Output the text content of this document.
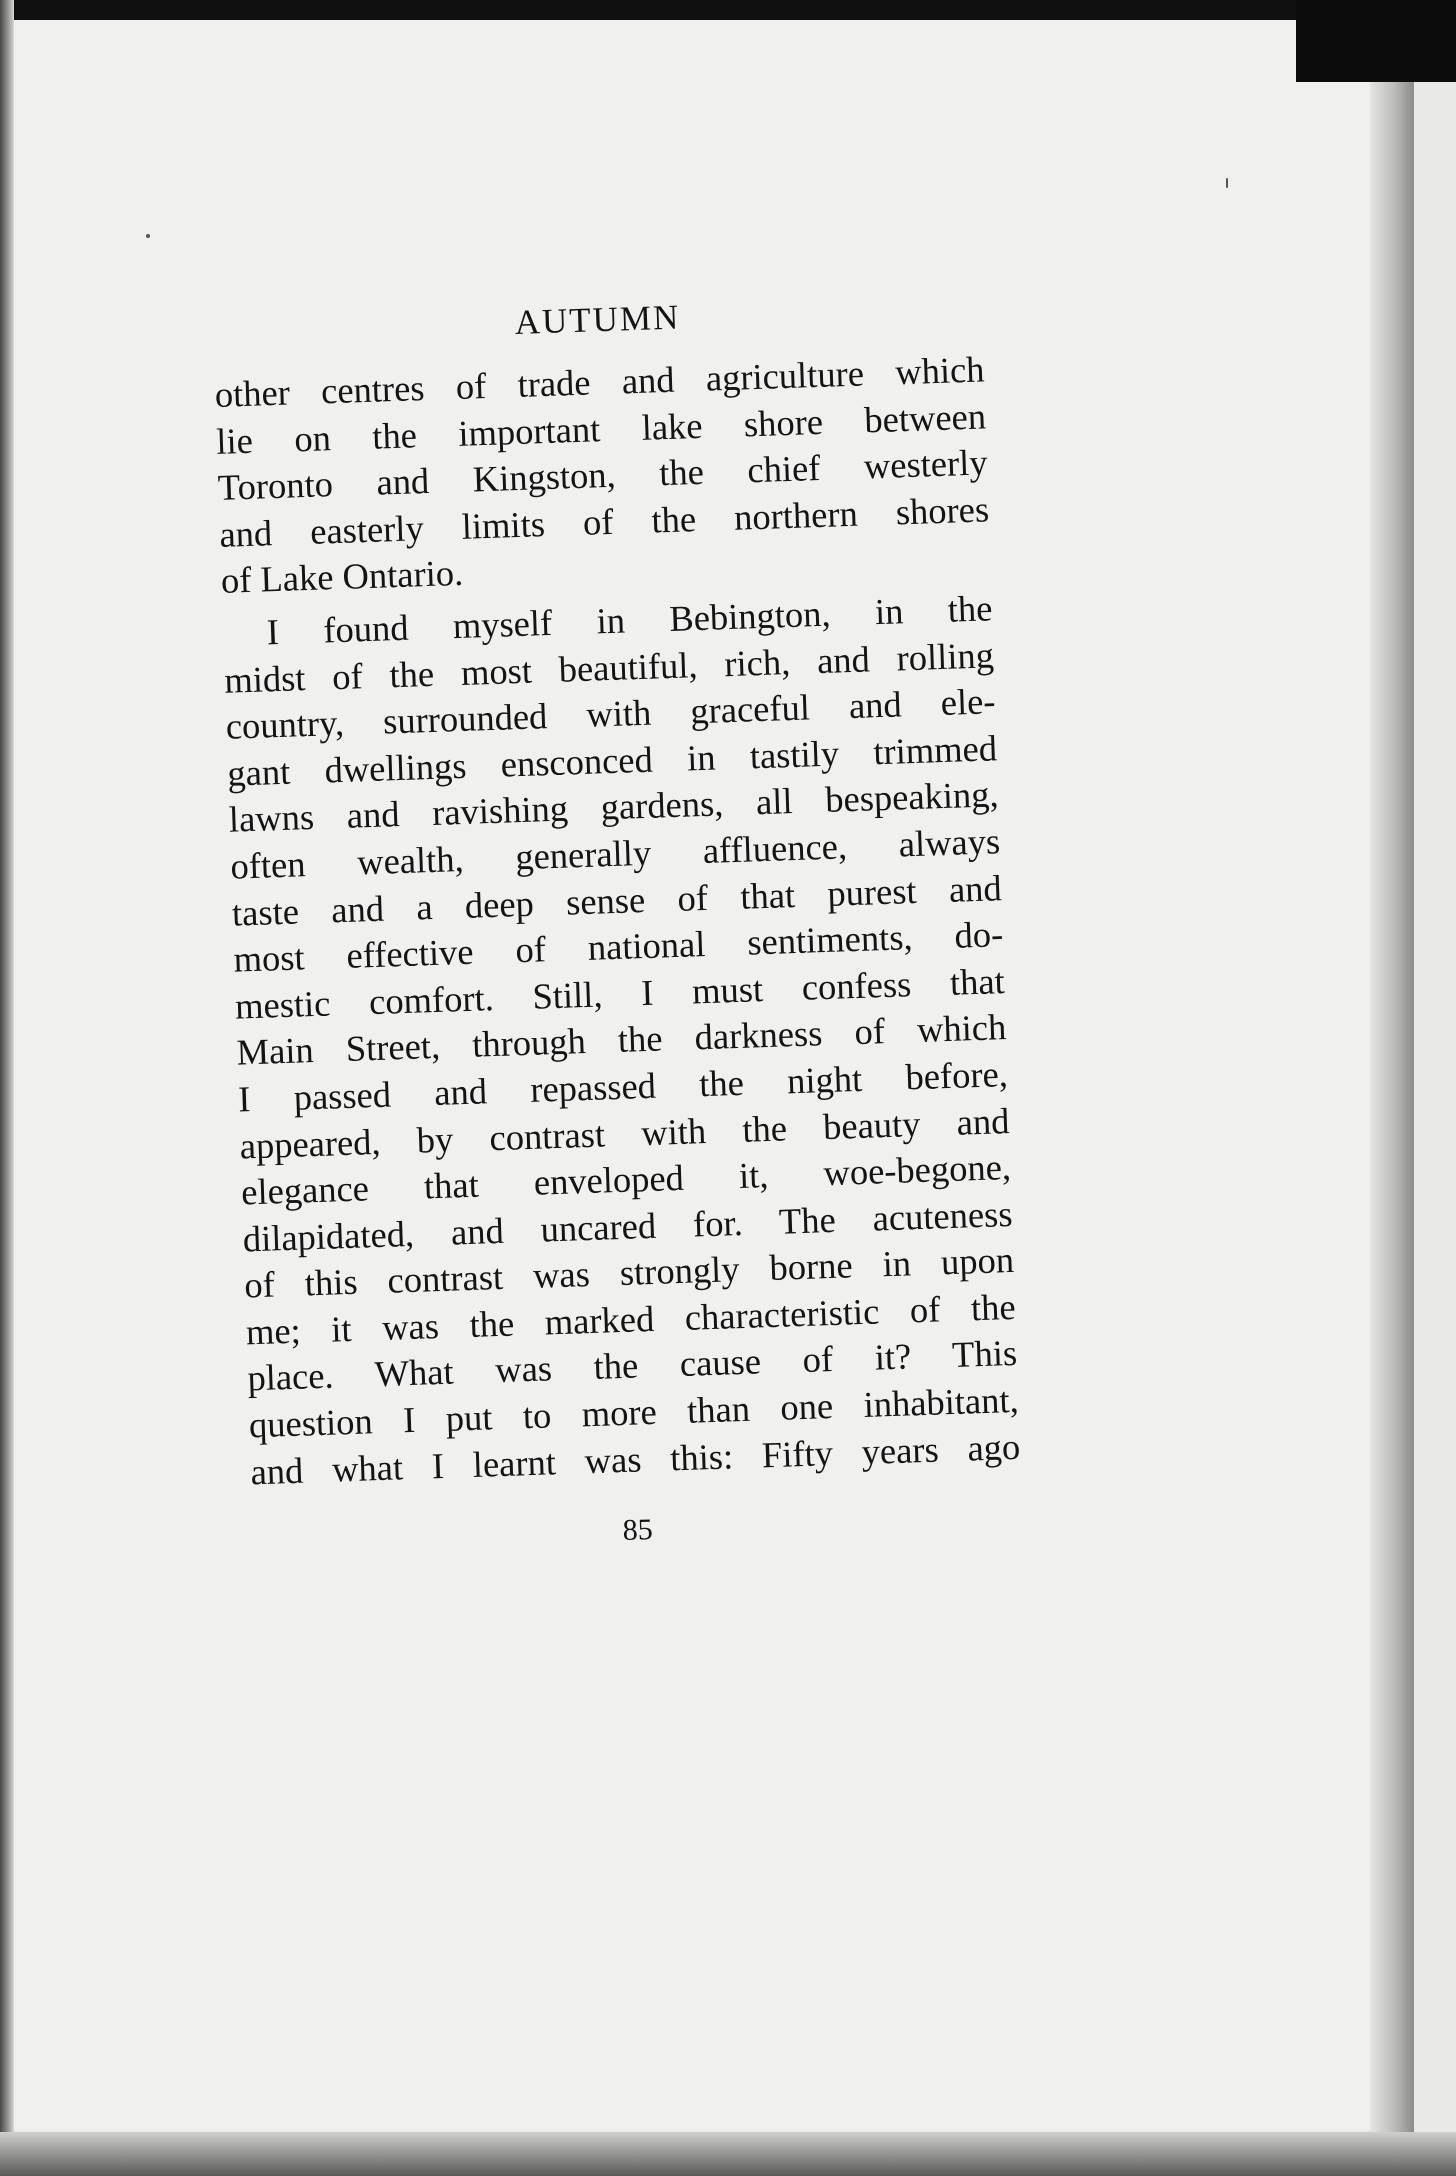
AUTUMN
other centres of trade and agriculture which
lie on the important lake shore between
Toronto and Kingston, the chief westerly
and easterly limits of the northern shores
of Lake Ontario.
I found myself in Bebington, in the
midst of the most beautiful, rich, and rolling
country, surrounded with graceful and ele-
gant dwellings ensconced in tastily trimmed
lawns and ravishing gardens, all bespeaking,
often wealth, generally affluence, always
taste and a deep sense of that purest and
most effective of national sentiments, do-
mestic comfort. Still, I must confess that
Main Street, through the darkness of which
I passed and repassed the night before,
appeared, by contrast with the beauty and
elegance that enveloped it, woe-begone,
dilapidated, and uncared for. The acuteness
of this contrast was strongly borne in upon
me; it was the marked characteristic of the
place. What was the cause of it? This
question I put to more than one inhabitant,
and what I learnt was this: Fifty years ago
85
